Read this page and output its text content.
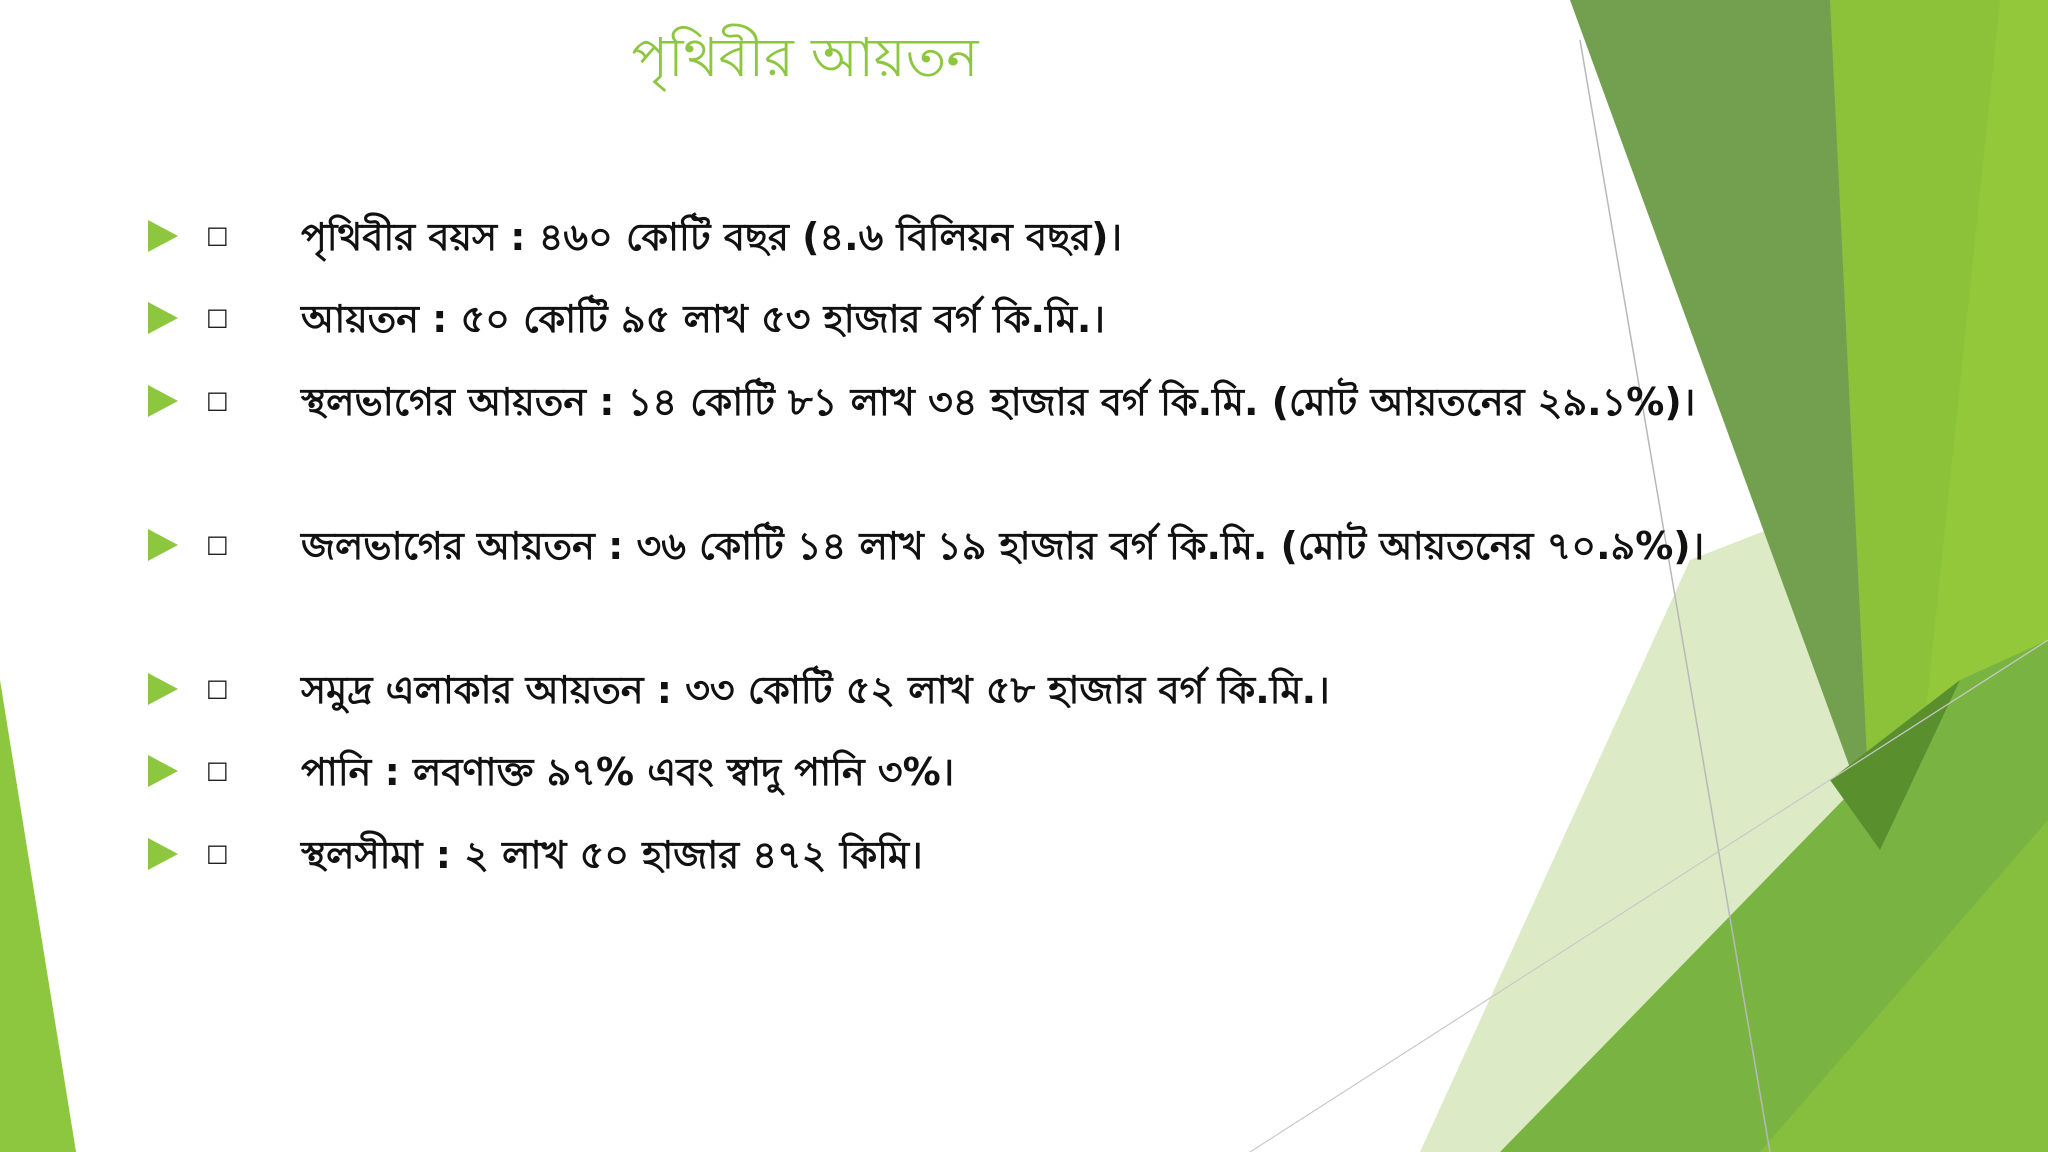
পৃথিবীর আয়তন
□ পৃথিবীর বয়স : ৪৬০ কোটি বছর (৪.৬ বিলিয়ন বছর)।
□ আয়তন : ৫০ কোটি ৯৫ লাখ ৫৩ হাজার বর্গ কি.মি.।
□ স্থলভাগের আয়তন : ১৪ কোটি ৮১ লাখ ৩৪ হাজার বর্গ কি.মি. (মোট আয়তনের ২৯.১%)।
□ জলভাগের আয়তন : ৩৬ কোটি ১৪ লাখ ১৯ হাজার বর্গ কি.মি. (মোট আয়তনের ৭০.৯%)।
□ সমুদ্র এলাকার আয়তন : ৩৩ কোটি ৫২ লাখ ৫৮ হাজার বর্গ কি.মি.।
□ পানি : লবণাক্ত ৯৭% এবং স্বাদু পানি ৩%।
□ স্থলসীমা : ২ লাখ ৫০ হাজার ৪৭২ কিমি।
